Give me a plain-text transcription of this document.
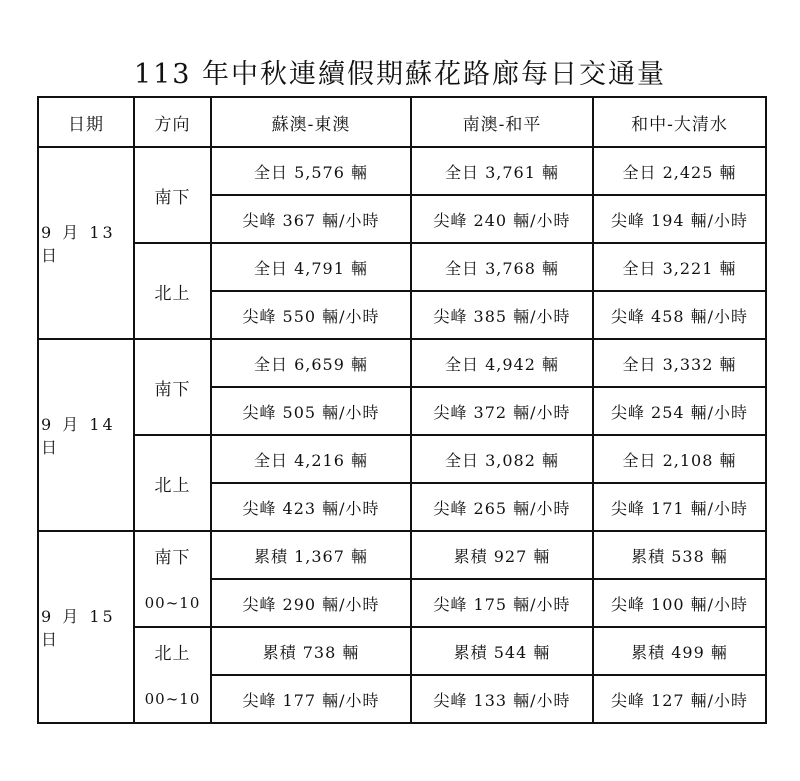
113 年中秋連續假期蘇花路廊每日交通量
日期	方向	蘇澳-東澳	南澳-和平	和中-大清水
9 月 13 日	南下	全日 5,576 輛	全日 3,761 輛	全日 2,425 輛
		尖峰 367 輛/小時	尖峰 240 輛/小時	尖峰 194 輛/小時
	北上	全日 4,791 輛	全日 3,768 輛	全日 3,221 輛
		尖峰 550 輛/小時	尖峰 385 輛/小時	尖峰 458 輛/小時
9 月 14 日	南下	全日 6,659 輛	全日 4,942 輛	全日 3,332 輛
		尖峰 505 輛/小時	尖峰 372 輛/小時	尖峰 254 輛/小時
	北上	全日 4,216 輛	全日 3,082 輛	全日 2,108 輛
		尖峰 423 輛/小時	尖峰 265 輛/小時	尖峰 171 輛/小時
9 月 15 日	南下	累積 1,367 輛	累積 927 輛	累積 538 輛
	00~10	尖峰 290 輛/小時	尖峰 175 輛/小時	尖峰 100 輛/小時
	北上	累積 738 輛	累積 544 輛	累積 499 輛
	00~10	尖峰 177 輛/小時	尖峰 133 輛/小時	尖峰 127 輛/小時
